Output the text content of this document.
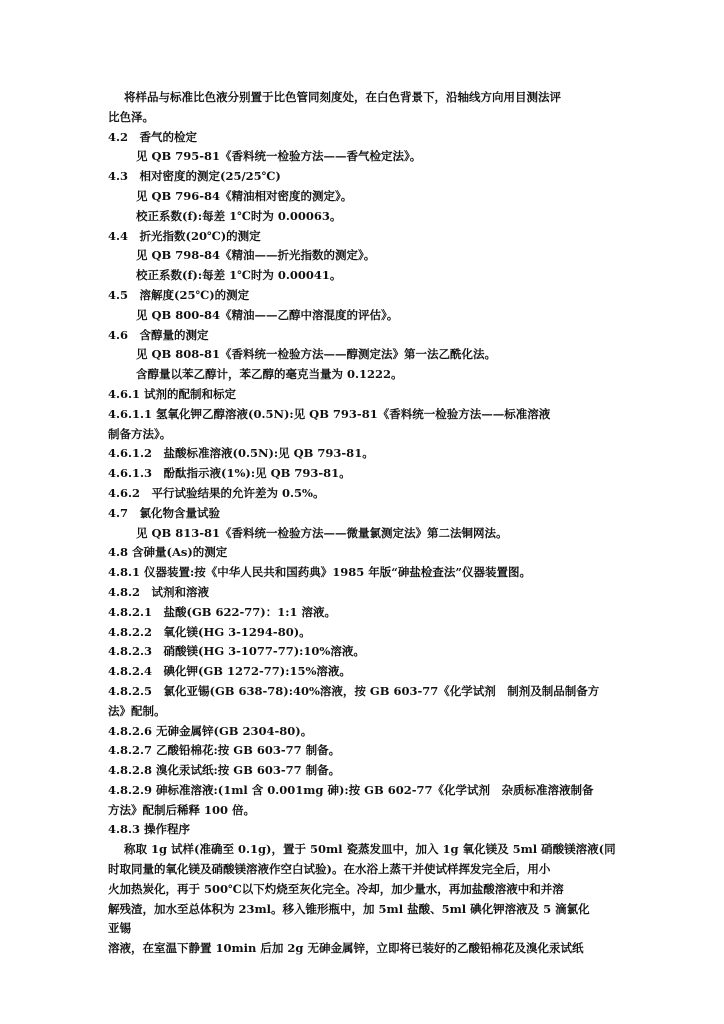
将样品与标准比色液分别置于比色管同刻度处，在白色背景下，沿轴线方向用目测法评
比色泽。
4.2　香气的检定
见 QB 795-81《香料统一检验方法——香气检定法》。
4.3　相对密度的测定(25/25℃)
见 QB 796-84《精油相对密度的测定》。
校正系数(f):每差 1℃时为 0.00063。
4.4　折光指数(20℃)的测定
见 QB 798-84《精油——折光指数的测定》。
校正系数(f):每差 1℃时为 0.00041。
4.5　溶解度(25℃)的测定
见 QB 800-84《精油——乙醇中溶混度的评估》。
4.6　含醇量的测定
见 QB 808-81《香料统一检验方法——醇测定法》第一法乙酰化法。
含醇量以苯乙醇计，苯乙醇的毫克当量为 0.1222。
4.6.1 试剂的配制和标定
4.6.1.1 氢氧化钾乙醇溶液(0.5N):见 QB 793-81《香料统一检验方法——标准溶液
制备方法》。
4.6.1.2　盐酸标准溶液(0.5N):见 QB 793-81。
4.6.1.3　酚酞指示液(1%):见 QB 793-81。
4.6.2　平行试验结果的允许差为 0.5%。
4.7　氯化物含量试验
见 QB 813-81《香料统一检验方法——微量氯测定法》第二法铜网法。
4.8 含砷量(As)的测定
4.8.1 仪器装置:按《中华人民共和国药典》1985 年版“砷盐检查法”仪器装置图。
4.8.2　试剂和溶液
4.8.2.1　盐酸(GB 622-77)：1:1 溶液。
4.8.2.2　氧化镁(HG 3-1294-80)。
4.8.2.3　硝酸镁(HG 3-1077-77):10%溶液。
4.8.2.4　碘化钾(GB 1272-77):15%溶液。
4.8.2.5　氯化亚锡(GB 638-78):40%溶液，按 GB 603-77《化学试剂　制剂及制品制备方
法》配制。
4.8.2.6 无砷金属锌(GB 2304-80)。
4.8.2.7 乙酸铅棉花:按 GB 603-77 制备。
4.8.2.8 溴化汞试纸:按 GB 603-77 制备。
4.8.2.9 砷标准溶液:(1ml 含 0.001mg 砷):按 GB 602-77《化学试剂　杂质标准溶液制备
方法》配制后稀释 100 倍。
4.8.3 操作程序
称取 1g 试样(准确至 0.1g)，置于 50ml 瓷蒸发皿中，加入 1g 氧化镁及 5ml 硝酸镁溶液(同
时取同量的氧化镁及硝酸镁溶液作空白试验)。在水浴上蒸干并使试样挥发完全后，用小
火加热炭化，再于 500℃以下灼烧至灰化完全。冷却，加少量水，再加盐酸溶液中和并溶
解残渣，加水至总体积为 23ml。移入锥形瓶中，加 5ml 盐酸、5ml 碘化钾溶液及 5 滴氯化
亚锡
溶液，在室温下静置 10min 后加 2g 无砷金属锌，立即将已装好的乙酸铅棉花及溴化汞试纸
